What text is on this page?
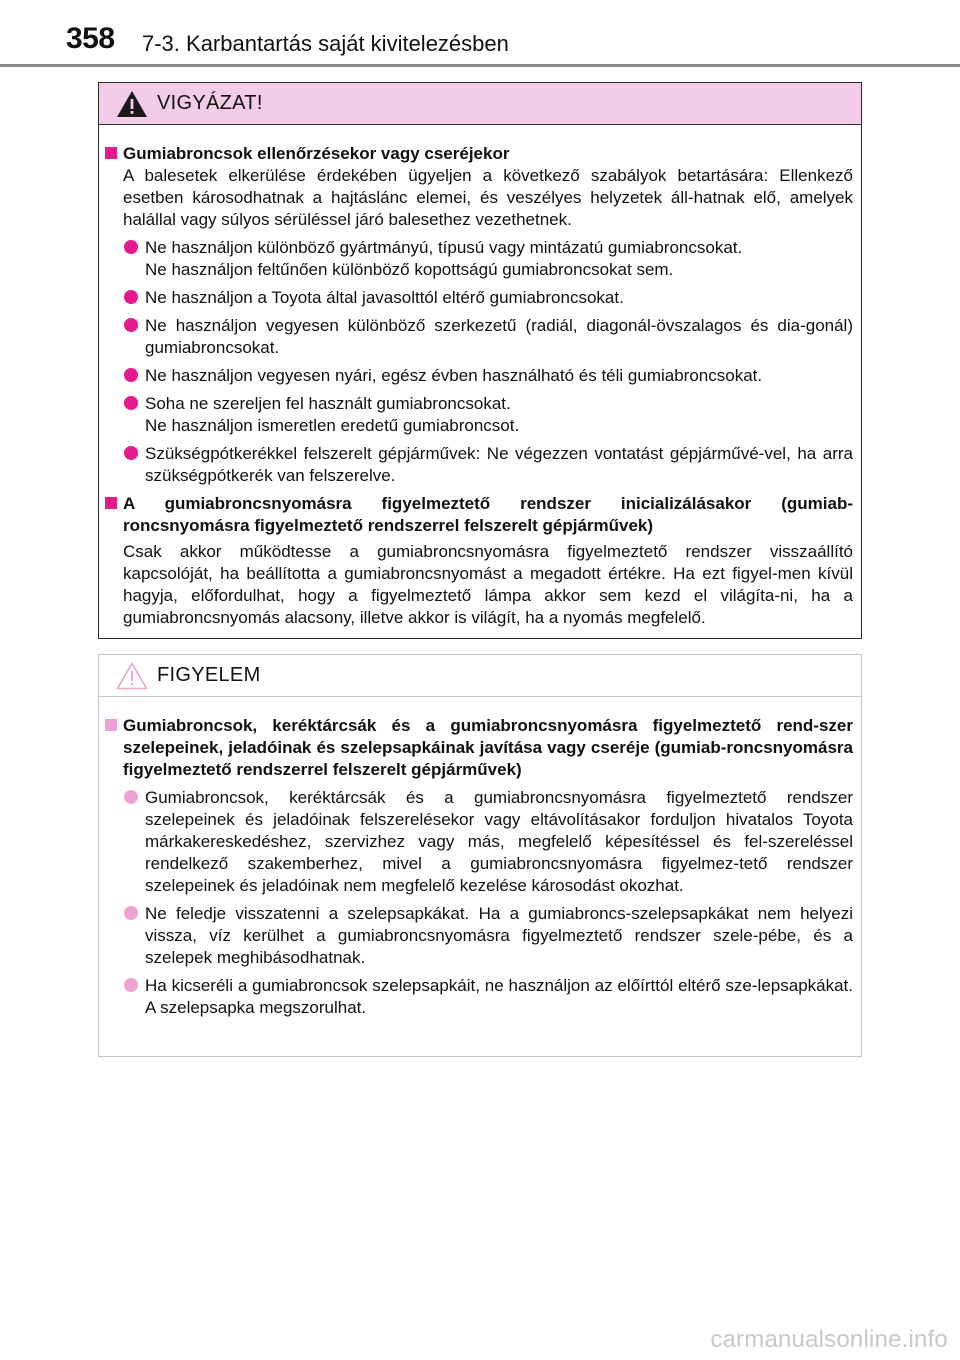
358 7-3. Karbantartás saját kivitelezésben
VIGYÁZAT!
Gumiabroncsok ellenőrzésekor vagy cseréjekor
A balesetek elkerülése érdekében ügyeljen a következő szabályok betartására: Ellenkező esetben károsodhatnak a hajtáslánc elemei, és veszélyes helyzetek áll-hatnak elő, amelyek halállal vagy súlyos sérüléssel járó balesethez vezethetnek.
Ne használjon különböző gyártmányú, típusú vagy mintázatú gumiabroncsokat.
Ne használjon feltűnően különböző kopottságú gumiabroncsokat sem.
Ne használjon a Toyota által javasolttól eltérő gumiabroncsokat.
Ne használjon vegyesen különböző szerkezetű (radiál, diagonál-övszalagos és dia-gonál) gumiabroncsokat.
Ne használjon vegyesen nyári, egész évben használható és téli gumiabroncsokat.
Soha ne szereljen fel használt gumiabroncsokat.
Ne használjon ismeretlen eredetű gumiabroncsot.
Szükségpótkerékkel felszerelt gépjárművek: Ne végezzen vontatást gépjárművé-vel, ha arra szükségpótkerék van felszerelve.
A gumiabroncsnyomásra figyelmeztető rendszer inicializálásakor (gumiab-roncsnyomásra figyelmeztető rendszerrel felszerelt gépjárművek)
Csak akkor működtesse a gumiabroncsnyomásra figyelmeztető rendszer visszaállító kapcsolóját, ha beállította a gumiabroncsnyomást a megadott értékre. Ha ezt figyel-men kívül hagyja, előfordulhat, hogy a figyelmeztető lámpa akkor sem kezd el világíta-ni, ha a gumiabroncsnyomás alacsony, illetve akkor is világít, ha a nyomás megfelelő.
FIGYELEM
Gumiabroncsok, keréktárcsák és a gumiabroncsnyomásra figyelmeztető rend-szer szelepeinek, jeladóinak és szelepsapkáinak javítása vagy cseréje (gumiab-roncsnyomásra figyelmeztető rendszerrel felszerelt gépjárművek)
Gumiabroncsok, keréktárcsák és a gumiabroncsnyomásra figyelmeztető rendszer szelepeinek és jeladóinak felszerelésekor vagy eltávolításakor forduljon hivatalos Toyota márkakereskedéshez, szervizhez vagy más, megfelelő képesítéssel és fel-szereléssel rendelkező szakemberhez, mivel a gumiabroncsnyomásra figyelmez-tető rendszer szelepeinek és jeladóinak nem megfelelő kezelése károsodást okozhat.
Ne feledje visszatenni a szelepsapkákat. Ha a gumiabroncs-szelepsapkákat nem helyezi vissza, víz kerülhet a gumiabroncsnyomásra figyelmeztető rendszer szele-pébe, és a szelepek meghibásodhatnak.
Ha kicseréli a gumiabroncsok szelepsapkáit, ne használjon az előírttól eltérő sze-lepsapkákat. A szelepsapka megszorulhat.
carmanualsonline.info
